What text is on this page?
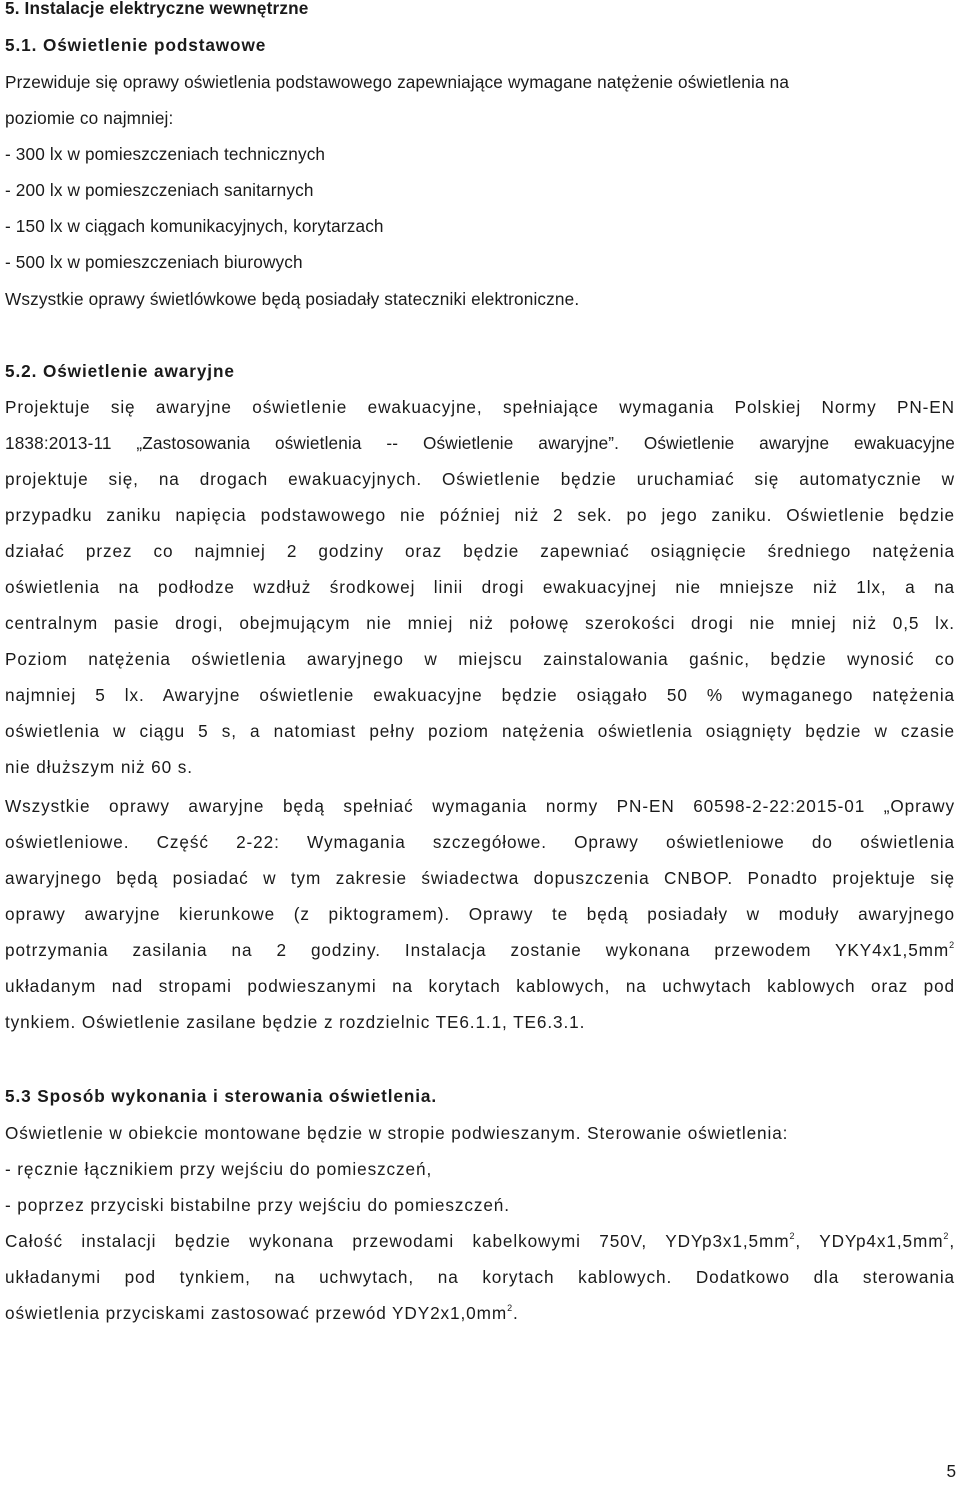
5. Instalacje elektryczne wewnętrzne
5.1. Oświetlenie podstawowe
Przewiduje się oprawy oświetlenia podstawowego zapewniające wymagane natężenie oświetlenia na
poziomie co najmniej:
- 300 lx w pomieszczeniach technicznych
- 200 lx w pomieszczeniach sanitarnych
- 150 lx w ciągach komunikacyjnych, korytarzach
- 500 lx w pomieszczeniach biurowych
Wszystkie oprawy świetlówkowe będą posiadały stateczniki elektroniczne.
5.2. Oświetlenie awaryjne
Projektuje się awaryjne oświetlenie ewakuacyjne, spełniające wymagania Polskiej Normy PN-EN
1838:2013-11 „Zastosowania oświetlenia -- Oświetlenie awaryjne”. Oświetlenie awaryjne ewakuacyjne
projektuje się, na drogach ewakuacyjnych. Oświetlenie będzie uruchamiać się automatycznie w
przypadku zaniku napięcia podstawowego nie później niż 2 sek. po jego zaniku. Oświetlenie będzie
działać przez co najmniej 2 godziny oraz będzie zapewniać osiągnięcie średniego natężenia
oświetlenia na podłodze wzdłuż środkowej linii drogi ewakuacyjnej nie mniejsze niż 1lx, a na
centralnym pasie drogi, obejmującym nie mniej niż połowę szerokości drogi nie mniej niż 0,5 lx.
Poziom natężenia oświetlenia awaryjnego w miejscu zainstalowania gaśnic, będzie wynosić co
najmniej 5 lx. Awaryjne oświetlenie ewakuacyjne będzie osiągało 50 % wymaganego natężenia
oświetlenia w ciągu 5 s, a natomiast pełny poziom natężenia oświetlenia osiągnięty będzie w czasie
nie dłuższym niż 60 s.
Wszystkie oprawy awaryjne będą spełniać wymagania normy PN-EN 60598-2-22:2015-01 „Oprawy
oświetleniowe. Część 2-22: Wymagania szczegółowe. Oprawy oświetleniowe do oświetlenia
awaryjnego będą posiadać w tym zakresie świadectwa dopuszczenia CNBOP. Ponadto projektuje się
oprawy awaryjne kierunkowe (z piktogramem). Oprawy te będą posiadały w moduły awaryjnego
potrzymania zasilania na 2 godziny. Instalacja zostanie wykonana przewodem $YKY4x1,5mm^2$
układanym nad stropami podwieszanymi na korytach kablowych, na uchwytach kablowych oraz pod
tynkiem. Oświetlenie zasilane będzie z rozdzielnic TE6.1.1, TE6.3.1.
5.3 Sposób wykonania i sterowania oświetlenia.
Oświetlenie w obiekcie montowane będzie w stropie podwieszanym. Sterowanie oświetlenia:
- ręcznie łącznikiem przy wejściu do pomieszczeń,
- poprzez przyciski bistabilne przy wejściu do pomieszczeń.
Całość instalacji będzie wykonana przewodami kabelkowymi 750V, $YDYp3x1,5mm^2$, $YDYp4x1,5mm^2$,
układanymi pod tynkiem, na uchwytach, na korytach kablowych. Dodatkowo dla sterowania
oświetlenia przyciskami zastosować przewód $YDY2x1,0mm^2$.
5
